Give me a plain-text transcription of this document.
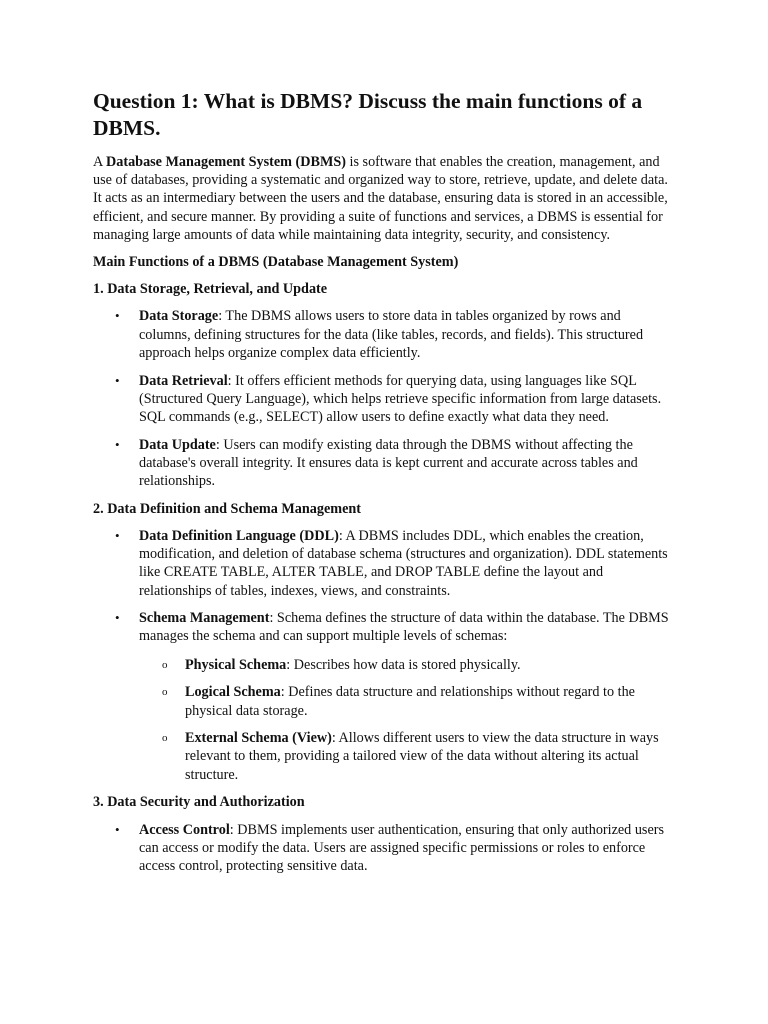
Question 1: What is DBMS? Discuss the main functions of a DBMS.

A Database Management System (DBMS) is software that enables the creation, management, and use of databases, providing a systematic and organized way to store, retrieve, update, and delete data. It acts as an intermediary between the users and the database, ensuring data is stored in an accessible, efficient, and secure manner. By providing a suite of functions and services, a DBMS is essential for managing large amounts of data while maintaining data integrity, security, and consistency.

Main Functions of a DBMS (Database Management System)

1. Data Storage, Retrieval, and Update

• Data Storage: The DBMS allows users to store data in tables organized by rows and columns, defining structures for the data (like tables, records, and fields). This structured approach helps organize complex data efficiently.
• Data Retrieval: It offers efficient methods for querying data, using languages like SQL (Structured Query Language), which helps retrieve specific information from large datasets. SQL commands (e.g., SELECT) allow users to define exactly what data they need.
• Data Update: Users can modify existing data through the DBMS without affecting the database's overall integrity. It ensures data is kept current and accurate across tables and relationships.

2. Data Definition and Schema Management

• Data Definition Language (DDL): A DBMS includes DDL, which enables the creation, modification, and deletion of database schema (structures and organization). DDL statements like CREATE TABLE, ALTER TABLE, and DROP TABLE define the layout and relationships of tables, indexes, views, and constraints.
• Schema Management: Schema defines the structure of data within the database. The DBMS manages the schema and can support multiple levels of schemas:
o Physical Schema: Describes how data is stored physically.
o Logical Schema: Defines data structure and relationships without regard to the physical data storage.
o External Schema (View): Allows different users to view the data structure in ways relevant to them, providing a tailored view of the data without altering its actual structure.

3. Data Security and Authorization

• Access Control: DBMS implements user authentication, ensuring that only authorized users can access or modify the data. Users are assigned specific permissions or roles to enforce access control, protecting sensitive data.
